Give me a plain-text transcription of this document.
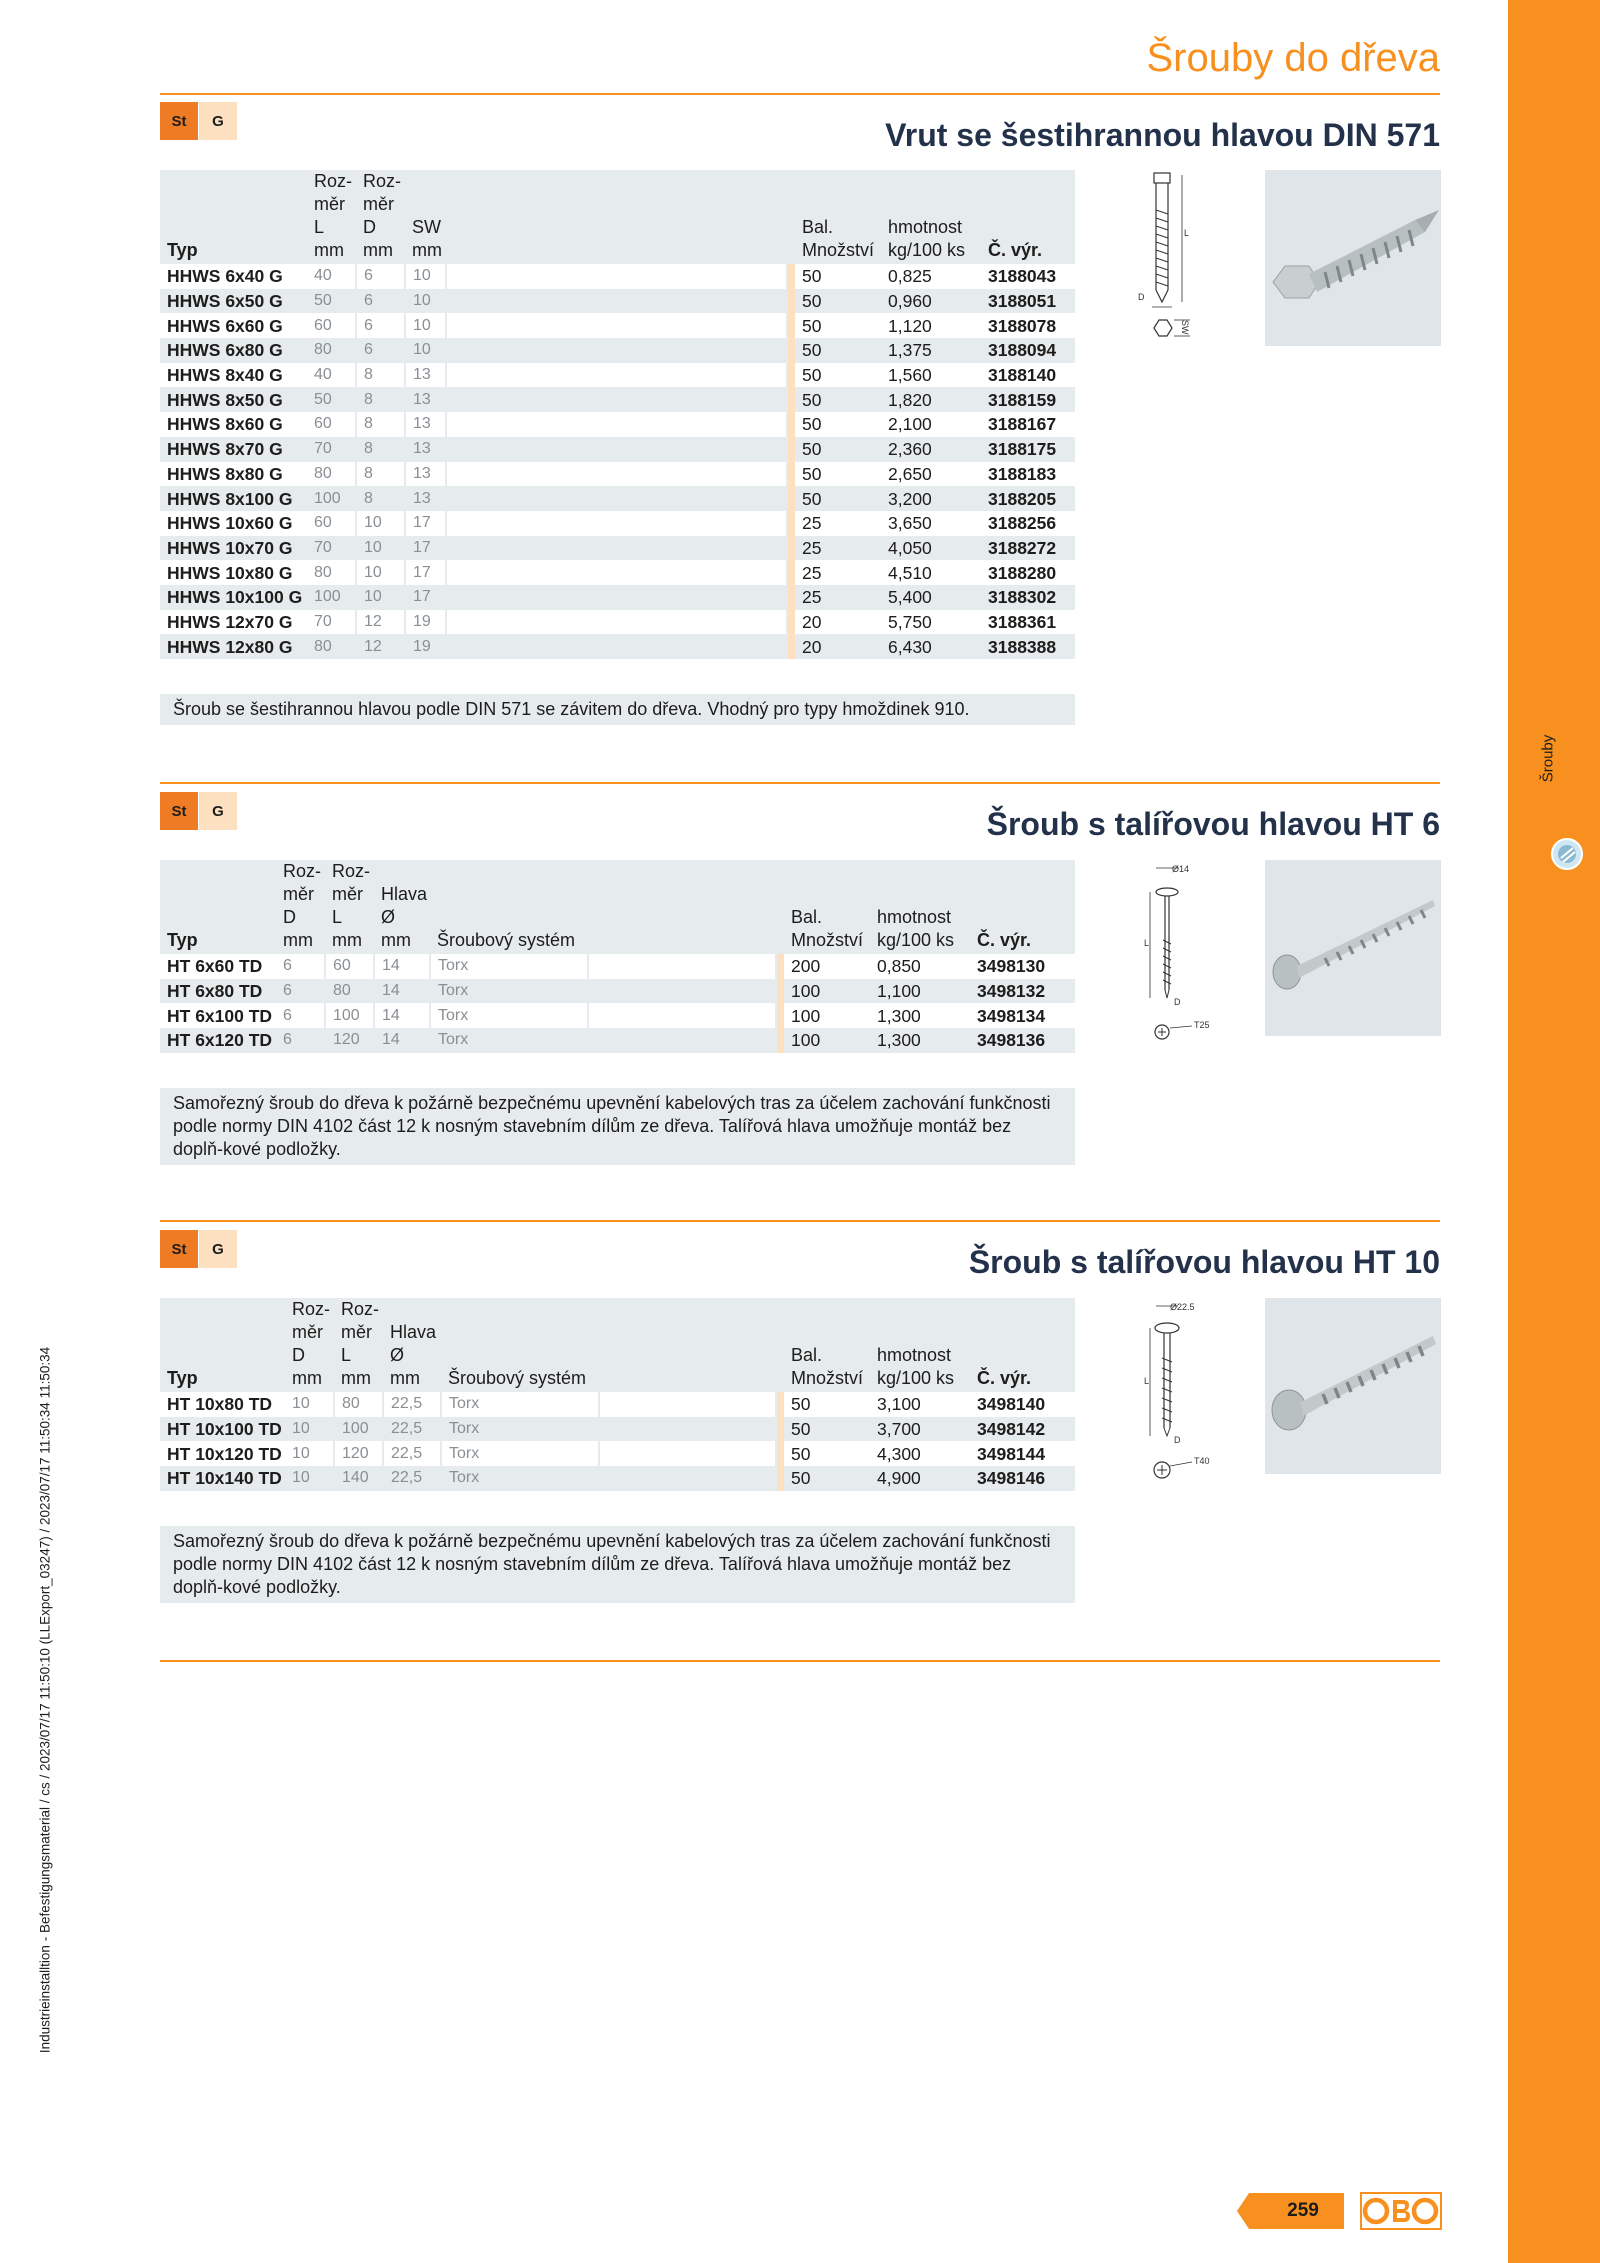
Šrouby
Industrieinstalltion - Befestigungsmaterial / cs / 2023/07/17 11:50:10 (LLExport_03247) / 2023/07/17 11:50:34 11:50:34
Šrouby do dřeva
St	G	Vrut se šestihrannou hlavou DIN 571
Typ	Roz-
měr
L
mm	Roz-
měr
D
mm	SW
mm			Bal.
Množství	hmotnost
kg/100 ks	Č. výr.
HHWS 6x40 G	40	6	10			50	0,825	3188043
HHWS 6x50 G	50	6	10			50	0,960	3188051
HHWS 6x60 G	60	6	10			50	1,120	3188078
HHWS 6x80 G	80	6	10			50	1,375	3188094
HHWS 8x40 G	40	8	13			50	1,560	3188140
HHWS 8x50 G	50	8	13			50	1,820	3188159
HHWS 8x60 G	60	8	13			50	2,100	3188167
HHWS 8x70 G	70	8	13			50	2,360	3188175
HHWS 8x80 G	80	8	13			50	2,650	3188183
HHWS 8x100 G	100	8	13			50	3,200	3188205
HHWS 10x60 G	60	10	17			25	3,650	3188256
HHWS 10x70 G	70	10	17			25	4,050	3188272
HHWS 10x80 G	80	10	17			25	4,510	3188280
HHWS 10x100 G	100	10	17			25	5,400	3188302
HHWS 12x70 G	70	12	19			20	5,750	3188361
HHWS 12x80 G	80	12	19			20	6,430	3188388
Šroub se šestihrannou hlavou podle DIN 571 se závitem do dřeva. Vhodný pro typy hmoždinek 910.
L
D
SW
St	G	Šroub s talířovou hlavou HT 6
Typ	Roz-
měr
D
mm	Roz-
měr
L
mm	Hlava
Ø
mm	Šroubový systém			Bal.
Množství	hmotnost
kg/100 ks	Č. výr.
HT 6x60 TD	6	60	14	Torx			200	0,850	3498130
HT 6x80 TD	6	80	14	Torx			100	1,100	3498132
HT 6x100 TD	6	100	14	Torx			100	1,300	3498134
HT 6x120 TD	6	120	14	Torx			100	1,300	3498136
Samořezný šroub do dřeva k požárně bezpečnému upevnění kabelových tras za účelem zachování funkčnosti podle normy DIN 4102 část 12 k nosným stavebním dílům ze dřeva. Talířová hlava umožňuje montáž bez doplň-kové podložky.
Ø14
L
D
T25
St	G	Šroub s talířovou hlavou HT 10
Typ	Roz-
měr
D
mm	Roz-
měr
L
mm	Hlava
Ø
mm	Šroubový systém			Bal.
Množství	hmotnost
kg/100 ks	Č. výr.
HT 10x80 TD	10	80	22,5	Torx			50	3,100	3498140
HT 10x100 TD	10	100	22,5	Torx			50	3,700	3498142
HT 10x120 TD	10	120	22,5	Torx			50	4,300	3498144
HT 10x140 TD	10	140	22,5	Torx			50	4,900	3498146
Samořezný šroub do dřeva k požárně bezpečnému upevnění kabelových tras za účelem zachování funkčnosti podle normy DIN 4102 část 12 k nosným stavebním dílům ze dřeva. Talířová hlava umožňuje montáž bez doplň-kové podložky.
Ø22.5
L
D
T40
259
